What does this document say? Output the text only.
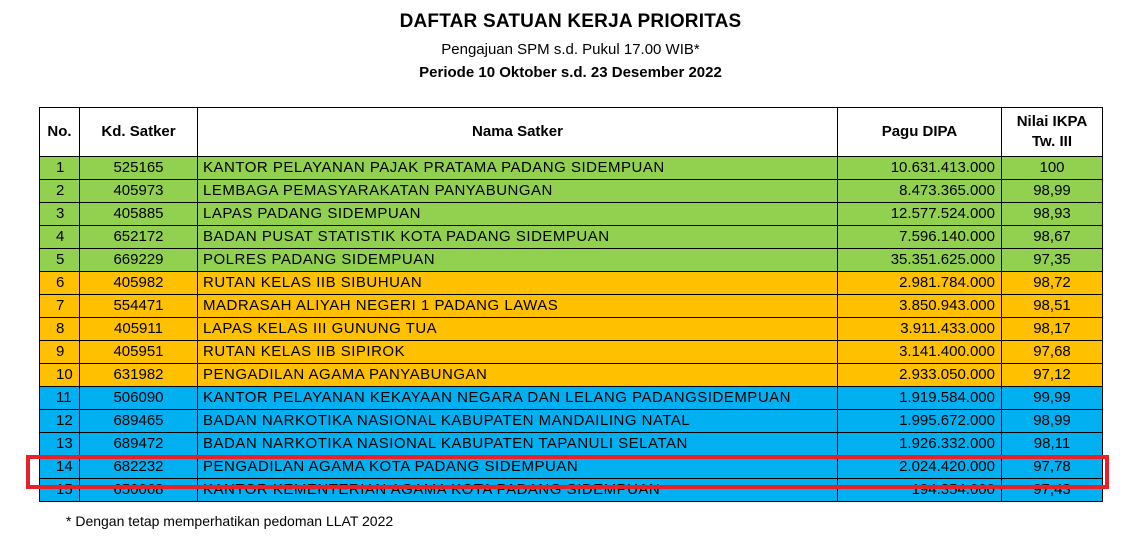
DAFTAR SATUAN KERJA PRIORITAS
Pengajuan SPM s.d. Pukul 17.00 WIB*
Periode 10 Oktober s.d. 23 Desember 2022
No.	Kd. Satker	Nama Satker	Pagu DIPA	Nilai IKPA
Tw. III

1	525165	KANTOR PELAYANAN PAJAK PRATAMA PADANG SIDEMPUAN	10.631.413.000	100
2	405973	LEMBAGA PEMASYARAKATAN PANYABUNGAN	8.473.365.000	98,99
3	405885	LAPAS PADANG SIDEMPUAN	12.577.524.000	98,93
4	652172	BADAN PUSAT STATISTIK KOTA PADANG SIDEMPUAN	7.596.140.000	98,67
5	669229	POLRES PADANG SIDEMPUAN	35.351.625.000	97,35
6	405982	RUTAN KELAS IIB SIBUHUAN	2.981.784.000	98,72
7	554471	MADRASAH ALIYAH NEGERI 1 PADANG LAWAS	3.850.943.000	98,51
8	405911	LAPAS KELAS III GUNUNG TUA	3.911.433.000	98,17
9	405951	RUTAN KELAS IIB SIPIROK	3.141.400.000	97,68
10	631982	PENGADILAN AGAMA PANYABUNGAN	2.933.050.000	97,12
11	506090	KANTOR PELAYANAN KEKAYAAN NEGARA DAN LELANG PADANGSIDEMPUAN	1.919.584.000	99,99
12	689465	BADAN NARKOTIKA NASIONAL KABUPATEN MANDAILING NATAL	1.995.672.000	98,99
13	689472	BADAN NARKOTIKA NASIONAL KABUPATEN TAPANULI SELATAN	1.926.332.000	98,11
14	682232	PENGADILAN AGAMA KOTA PADANG SIDEMPUAN	2.024.420.000	97,78
15	650068	KANTOR KEMENTERIAN AGAMA KOTA PADANG SIDEMPUAN	194.354.000	97,43
* Dengan tetap memperhatikan pedoman LLAT 2022
